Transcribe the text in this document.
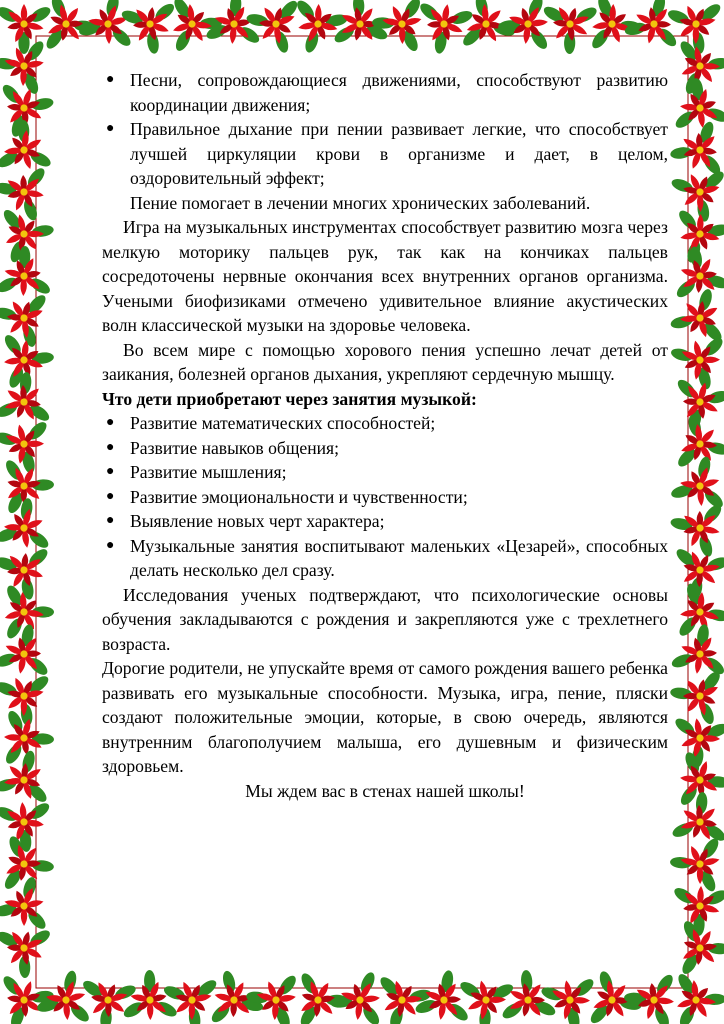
● Песни, сопровождающиеся движениями, способствуют развитию координации движения;

● Правильное дыхание при пении развивает легкие, что способствует лучшей циркуляции крови в организме и дает, в целом, оздоровительный эффект;

Пение помогает в лечении многих хронических заболеваний.

Игра на музыкальных инструментах способствует развитию мозга через мелкую моторику пальцев рук, так как на кончиках пальцев сосредоточены нервные окончания всех внутренних органов организма. Учеными биофизиками отмечено удивительное влияние акустических волн классической музыки на здоровье человека.

Во всем мире с помощью хорового пения успешно лечат детей от заикания, болезней органов дыхания, укрепляют сердечную мышцу.

Что дети приобретают через занятия музыкой:

● Развитие математических способностей;

● Развитие навыков общения;

● Развитие мышления;

● Развитие эмоциональности и чувственности;

● Выявление новых черт характера;

● Музыкальные занятия воспитывают маленьких «Цезарей», способных делать несколько дел сразу.

Исследования ученых подтверждают, что психологические основы обучения закладываются с рождения и закрепляются уже с трехлетнего возраста.

Дорогие родители, не упускайте время от самого рождения вашего ребенка развивать его музыкальные способности. Музыка, игра, пение, пляски создают положительные эмоции, которые, в свою очередь, являются внутренним благополучием малыша, его душевным и физическим здоровьем.

Мы ждем вас в стенах нашей школы!
